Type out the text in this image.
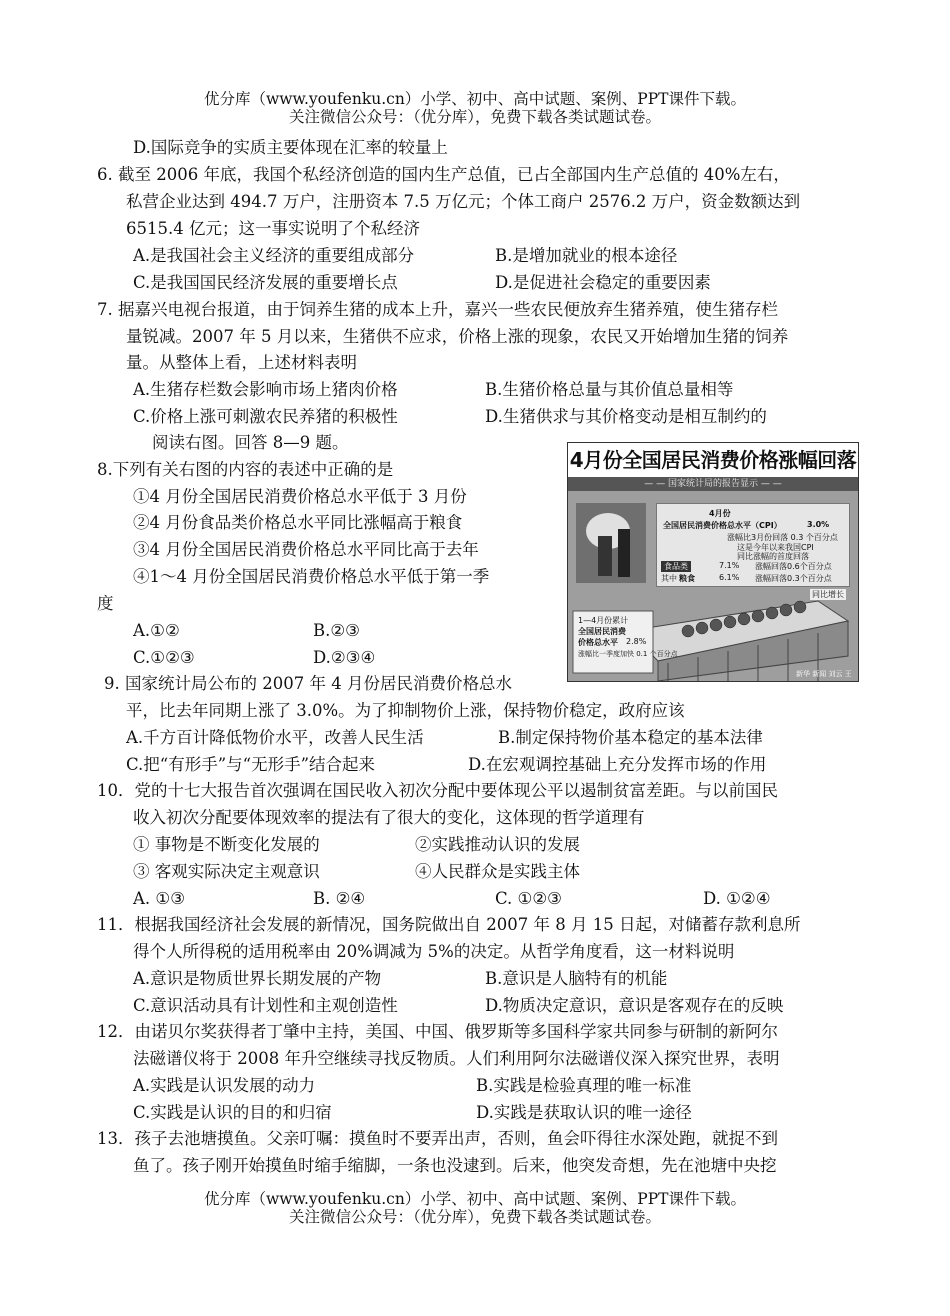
优分库（www.youfenku.cn）小学、初中、高中试题、案例、PPT课件下载。
关注微信公众号：（优分库），免费下载各类试题试卷。
D.国际竞争的实质主要体现在汇率的较量上
6. 截至 2006 年底，我国个私经济创造的国内生产总值，已占全部国内生产总值的 40%左右，
私营企业达到 494.7 万户，注册资本 7.5 万亿元；个体工商户 2576.2 万户，资金数额达到
6515.4 亿元；这一事实说明了个私经济
A.是我国社会主义经济的重要组成部分	B.是增加就业的根本途径
C.是我国国民经济发展的重要增长点	D.是促进社会稳定的重要因素
7. 据嘉兴电视台报道，由于饲养生猪的成本上升，嘉兴一些农民便放弃生猪养殖，使生猪存栏
量锐减。2007 年 5 月以来，生猪供不应求，价格上涨的现象，农民又开始增加生猪的饲养
量。从整体上看，上述材料表明
A.生猪存栏数会影响市场上猪肉价格	B.生猪价格总量与其价值总量相等
C.价格上涨可刺激农民养猪的积极性	D.生猪供求与其价格变动是相互制约的
阅读右图。回答 8—9 题。
8.下列有关右图的内容的表述中正确的是
①4 月份全国居民消费价格总水平低于 3 月份
②4 月份食品类价格总水平同比涨幅高于粮食
③4 月份全国居民消费价格总水平同比高于去年
④1～4 月份全国居民消费价格总水平低于第一季
度
A.①②	B.②③
C.①②③	D.②③④
4月份全国居民消费价格涨幅回落
— — 国家统计局的报告显示 — —
4月份
全国居民消费价格总水平（CPI）	3.0%
涨幅比3月份回落 0.3 个百分点
这是今年以来我国CPI
同比涨幅的首度回落
食品类	7.1% 涨幅回落0.6个百分点
其中 粮食	6.1% 涨幅回落0.3个百分点
同比增长
1—4月份累计
全国居民消费
价格总水平 2.8%
涨幅比一季度加快 0.1 个百分点
新华 新闻 刘云 王
9. 国家统计局公布的 2007 年 4 月份居民消费价格总水
平，比去年同期上涨了 3.0%。为了抑制物价上涨，保持物价稳定，政府应该
A.千方百计降低物价水平，改善人民生活	B.制定保持物价基本稳定的基本法律
C.把“有形手”与“无形手”结合起来	D.在宏观调控基础上充分发挥市场的作用
10．党的十七大报告首次强调在国民收入初次分配中要体现公平以遏制贫富差距。与以前国民
收入初次分配要体现效率的提法有了很大的变化，这体现的哲学道理有
① 事物是不断变化发展的	②实践推动认识的发展
③ 客观实际决定主观意识	④人民群众是实践主体
A. ①③	B. ②④	C. ①②③	D. ①②④
11．根据我国经济社会发展的新情况，国务院做出自 2007 年 8 月 15 日起，对储蓄存款利息所
得个人所得税的适用税率由 20%调减为 5%的决定。从哲学角度看，这一材料说明
A.意识是物质世界长期发展的产物	B.意识是人脑特有的机能
C.意识活动具有计划性和主观创造性	D.物质决定意识，意识是客观存在的反映
12．由诺贝尔奖获得者丁肇中主持，美国、中国、俄罗斯等多国科学家共同参与研制的新阿尔
法磁谱仪将于 2008 年升空继续寻找反物质。人们利用阿尔法磁谱仪深入探究世界，表明
A.实践是认识发展的动力	B.实践是检验真理的唯一标准
C.实践是认识的目的和归宿	D.实践是获取认识的唯一途径
13．孩子去池塘摸鱼。父亲叮嘱：摸鱼时不要弄出声，否则，鱼会吓得往水深处跑，就捉不到
鱼了。孩子刚开始摸鱼时缩手缩脚，一条也没逮到。后来，他突发奇想，先在池塘中央挖
优分库（www.youfenku.cn）小学、初中、高中试题、案例、PPT课件下载。
关注微信公众号：（优分库），免费下载各类试题试卷。
